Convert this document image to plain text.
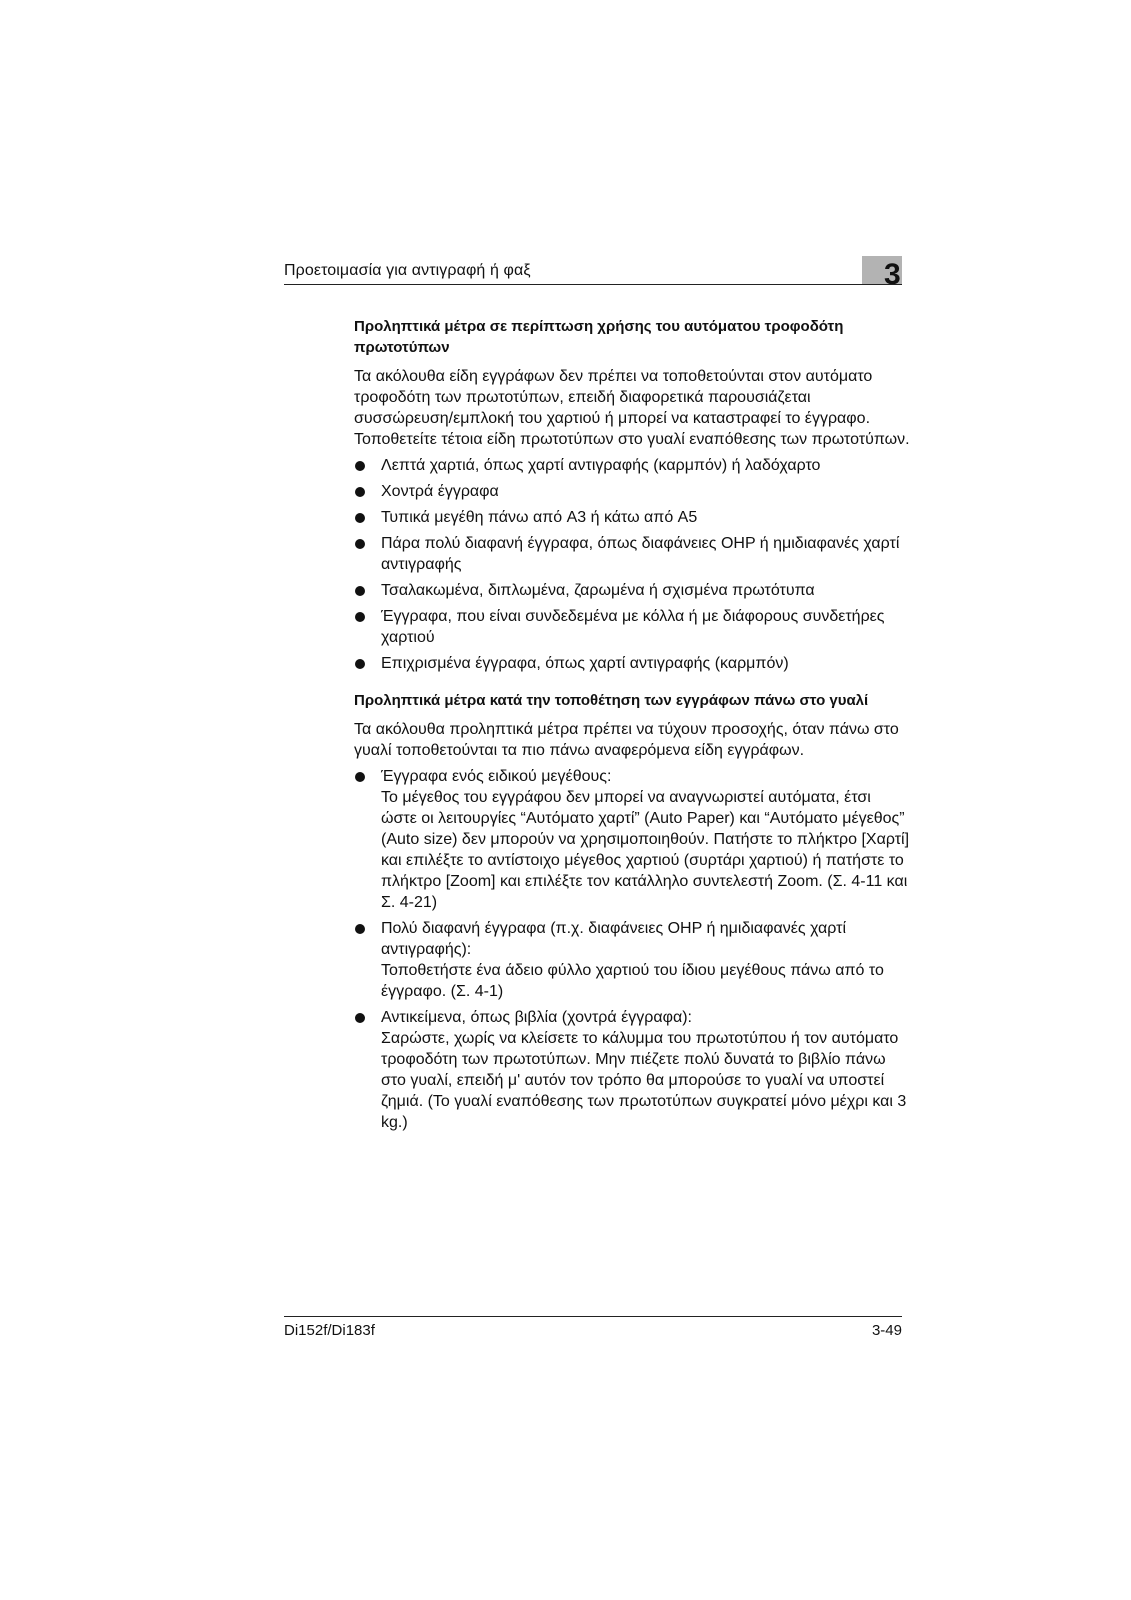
Προετοιμασία για αντιγραφή ή φαξ	3
Προληπτικά μέτρα σε περίπτωση χρήσης του αυτόματου τροφοδότη πρωτοτύπων

Τα ακόλουθα είδη εγγράφων δεν πρέπει να τοποθετούνται στον αυτόματο τροφοδότη των πρωτοτύπων, επειδή διαφορετικά παρουσιάζεται συσσώρευση/εμπλοκή του χαρτιού ή μπορεί να καταστραφεί το έγγραφο. Τοποθετείτε τέτοια είδη πρωτοτύπων στο γυαλί εναπόθεσης των πρωτοτύπων.

Λεπτά χαρτιά, όπως χαρτί αντιγραφής (καρμπόν) ή λαδόχαρτο
Χοντρά έγγραφα
Τυπικά μεγέθη πάνω από A3 ή κάτω από A5
Πάρα πολύ διαφανή έγγραφα, όπως διαφάνειες OHP ή ημιδιαφανές χαρτί αντιγραφής
Τσαλακωμένα, διπλωμένα, ζαρωμένα ή σχισμένα πρωτότυπα
Έγγραφα, που είναι συνδεδεμένα με κόλλα ή με διάφορους συνδετήρες χαρτιού
Επιχρισμένα έγγραφα, όπως χαρτί αντιγραφής (καρμπόν)
Προληπτικά μέτρα κατά την τοποθέτηση των εγγράφων πάνω στο γυαλί

Τα ακόλουθα προληπτικά μέτρα πρέπει να τύχουν προσοχής, όταν πάνω στο γυαλί τοποθετούνται τα πιο πάνω αναφερόμενα είδη εγγράφων.

Έγγραφα ενός ειδικού μεγέθους:
Το μέγεθος του εγγράφου δεν μπορεί να αναγνωριστεί αυτόματα, έτσι ώστε οι λειτουργίες “Αυτόματο χαρτί” (Auto Paper) και “Αυτόματο μέγεθος” (Auto size) δεν μπορούν να χρησιμοποιηθούν. Πατήστε το πλήκτρο [Χαρτί] και επιλέξτε το αντίστοιχο μέγεθος χαρτιού (συρτάρι χαρτιού) ή πατήστε το πλήκτρο [Zoom] και επιλέξτε τον κατάλληλο συντελεστή Zoom. (Σ. 4-11 και Σ. 4-21)
Πολύ διαφανή έγγραφα (π.χ. διαφάνειες OHP ή ημιδιαφανές χαρτί αντιγραφής):
Τοποθετήστε ένα άδειο φύλλο χαρτιού του ίδιου μεγέθους πάνω από το έγγραφο. (Σ. 4-1)
Αντικείμενα, όπως βιβλία (χοντρά έγγραφα):
Σαρώστε, χωρίς να κλείσετε το κάλυμμα του πρωτοτύπου ή τον αυτόματο τροφοδότη των πρωτοτύπων. Μην πιέζετε πολύ δυνατά το βιβλίο πάνω στο γυαλί, επειδή μ' αυτόν τον τρόπο θα μπορούσε το γυαλί να υποστεί ζημιά. (Το γυαλί εναπόθεσης των πρωτοτύπων συγκρατεί μόνο μέχρι και 3 kg.)
Di152f/Di183f	3-49
